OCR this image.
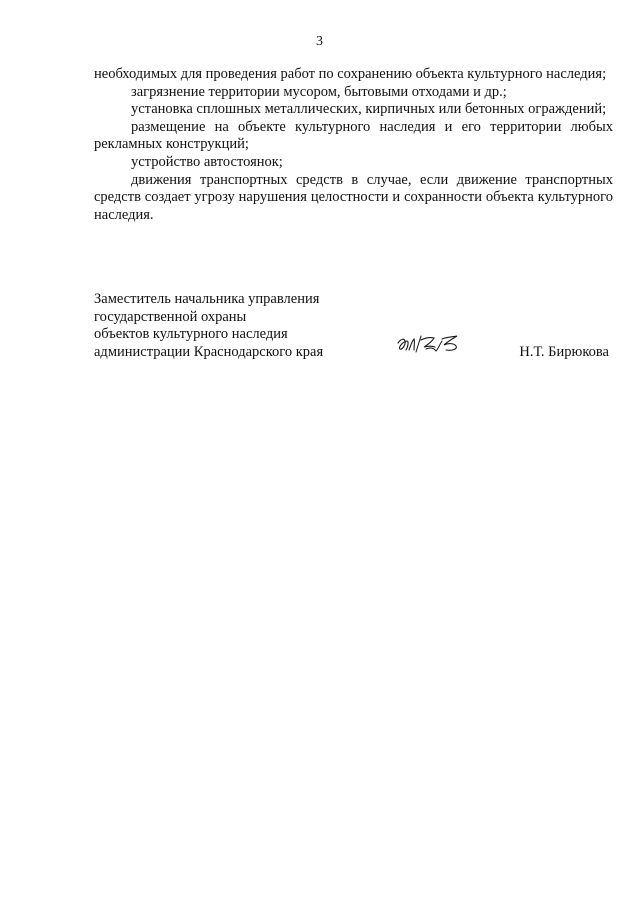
3

необходимых для проведения работ по сохранению объекта культурного наследия;

загрязнение территории мусором, бытовыми отходами и др.;

установка сплошных металлических, кирпичных или бетонных ограждений;

размещение на объекте культурного наследия и его территории любых рекламных конструкций;

устройство автостоянок;

движения транспортных средств в случае, если движение транспортных средств создает угрозу нарушения целостности и сохранности объекта культурного наследия.

Заместитель начальника управления
государственной охраны
объектов культурного наследия
администрации Краснодарского края	Н.Т. Бирюкова
